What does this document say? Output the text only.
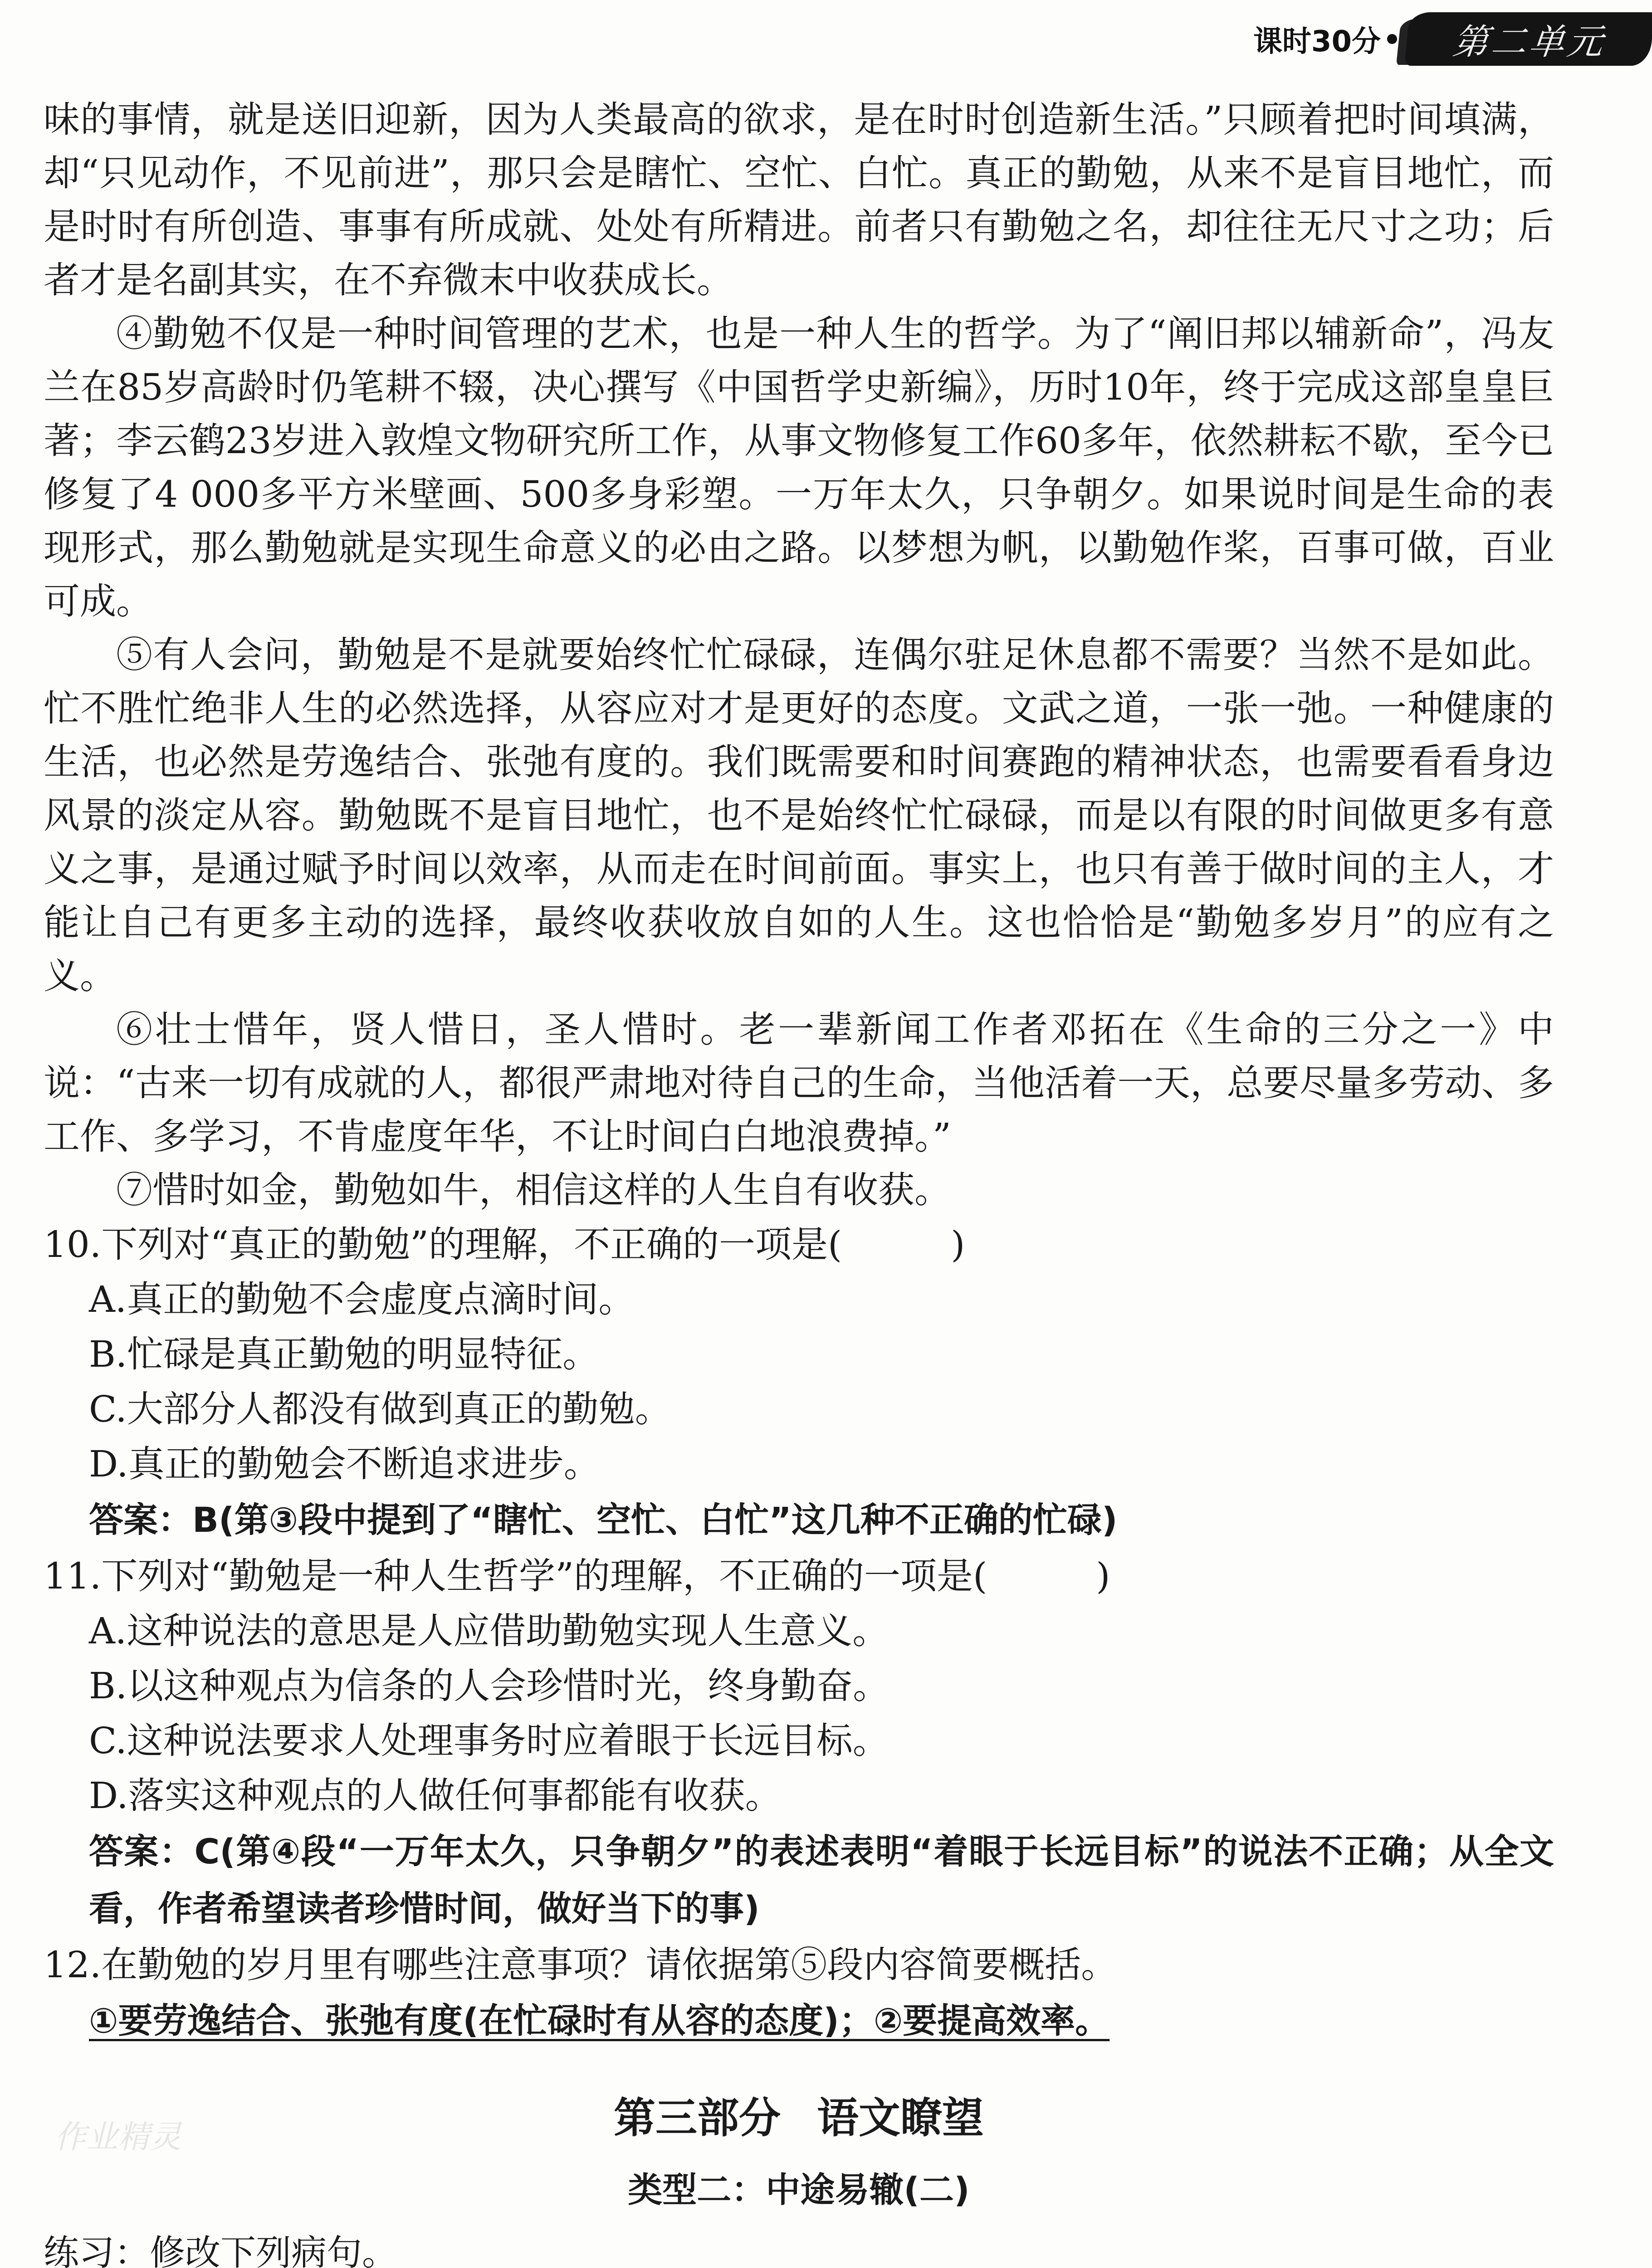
课时30分	第二单元

味的事情，就是送旧迎新，因为人类最高的欲求，是在时时创造新生活。”只顾着把时间填满，却“只见动作，不见前进”，那只会是瞎忙、空忙、白忙。真正的勤勉，从来不是盲目地忙，而是时时有所创造、事事有所成就、处处有所精进。前者只有勤勉之名，却往往无尺寸之功；后者才是名副其实，在不弃微末中收获成长。

④勤勉不仅是一种时间管理的艺术，也是一种人生的哲学。为了“阐旧邦以辅新命”，冯友兰在85岁高龄时仍笔耕不辍，决心撰写《中国哲学史新编》，历时10年，终于完成这部皇皇巨著；李云鹤23岁进入敦煌文物研究所工作，从事文物修复工作60多年，依然耕耘不歇，至今已修复了4 000多平方米壁画、500多身彩塑。一万年太久，只争朝夕。如果说时间是生命的表现形式，那么勤勉就是实现生命意义的必由之路。以梦想为帆，以勤勉作桨，百事可做，百业可成。

⑤有人会问，勤勉是不是就要始终忙忙碌碌，连偶尔驻足休息都不需要？当然不是如此。忙不胜忙绝非人生的必然选择，从容应对才是更好的态度。文武之道，一张一弛。一种健康的生活，也必然是劳逸结合、张弛有度的。我们既需要和时间赛跑的精神状态，也需要看看身边风景的淡定从容。勤勉既不是盲目地忙，也不是始终忙忙碌碌，而是以有限的时间做更多有意义之事，是通过赋予时间以效率，从而走在时间前面。事实上，也只有善于做时间的主人，才能让自己有更多主动的选择，最终收获收放自如的人生。这也恰恰是“勤勉多岁月”的应有之义。

⑥壮士惜年，贤人惜日，圣人惜时。老一辈新闻工作者邓拓在《生命的三分之一》中说：“古来一切有成就的人，都很严肃地对待自己的生命，当他活着一天，总要尽量多劳动、多工作、多学习，不肯虚度年华，不让时间白白地浪费掉。”

⑦惜时如金，勤勉如牛，相信这样的人生自有收获。

10.下列对“真正的勤勉”的理解，不正确的一项是(　　　)

A.真正的勤勉不会虚度点滴时间。

B.忙碌是真正勤勉的明显特征。

C.大部分人都没有做到真正的勤勉。

D.真正的勤勉会不断追求进步。

答案：B(第③段中提到了“瞎忙、空忙、白忙”这几种不正确的忙碌)

11.下列对“勤勉是一种人生哲学”的理解，不正确的一项是(　　　)

A.这种说法的意思是人应借助勤勉实现人生意义。

B.以这种观点为信条的人会珍惜时光，终身勤奋。

C.这种说法要求人处理事务时应着眼于长远目标。

D.落实这种观点的人做任何事都能有收获。

答案：C(第④段“一万年太久，只争朝夕”的表述表明“着眼于长远目标”的说法不正确；从全文看，作者希望读者珍惜时间，做好当下的事)

12.在勤勉的岁月里有哪些注意事项？请依据第⑤段内容简要概括。

①要劳逸结合、张弛有度(在忙碌时有从容的态度)；②要提高效率。

第三部分 语文瞭望
类型二：中途易辙(二)

练习：修改下列病句。

作业精灵
